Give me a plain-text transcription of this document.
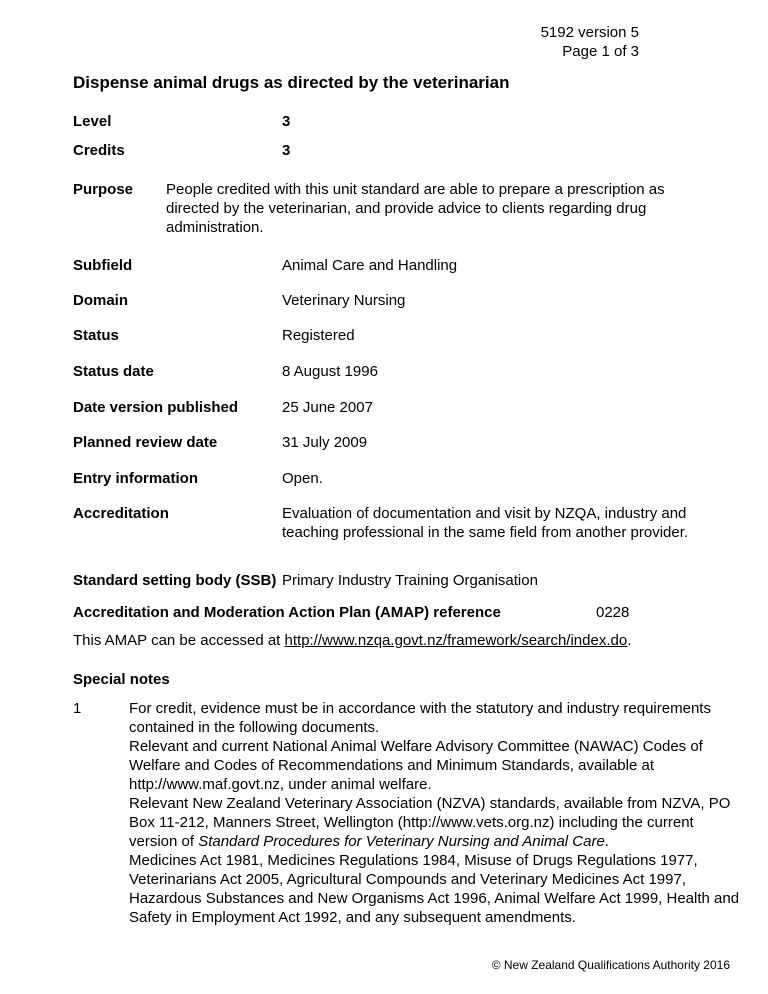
5192 version 5
Page 1 of 3
Dispense animal drugs as directed by the veterinarian
Level	3
Credits	3
Purpose People credited with this unit standard are able to prepare a prescription as directed by the veterinarian, and provide advice to clients regarding drug administration.
Subfield	Animal Care and Handling
Domain	Veterinary Nursing
Status	Registered
Status date	8 August 1996
Date version published	25 June 2007
Planned review date	31 July 2009
Entry information	Open.
Accreditation	Evaluation of documentation and visit by NZQA, industry and teaching professional in the same field from another provider.
Standard setting body (SSB) Primary Industry Training Organisation
Accreditation and Moderation Action Plan (AMAP) reference	0228
This AMAP can be accessed at http://www.nzqa.govt.nz/framework/search/index.do.
Special notes
1	For credit, evidence must be in accordance with the statutory and industry requirements contained in the following documents.

Relevant and current National Animal Welfare Advisory Committee (NAWAC) Codes of Welfare and Codes of Recommendations and Minimum Standards, available at http://www.maf.govt.nz, under animal welfare.

Relevant New Zealand Veterinary Association (NZVA) standards, available from NZVA, PO Box 11-212, Manners Street, Wellington (http://www.vets.org.nz) including the current version of Standard Procedures for Veterinary Nursing and Animal Care.

Medicines Act 1981, Medicines Regulations 1984, Misuse of Drugs Regulations 1977, Veterinarians Act 2005, Agricultural Compounds and Veterinary Medicines Act 1997, Hazardous Substances and New Organisms Act 1996, Animal Welfare Act 1999, Health and Safety in Employment Act 1992, and any subsequent amendments.

© New Zealand Qualifications Authority 2016
